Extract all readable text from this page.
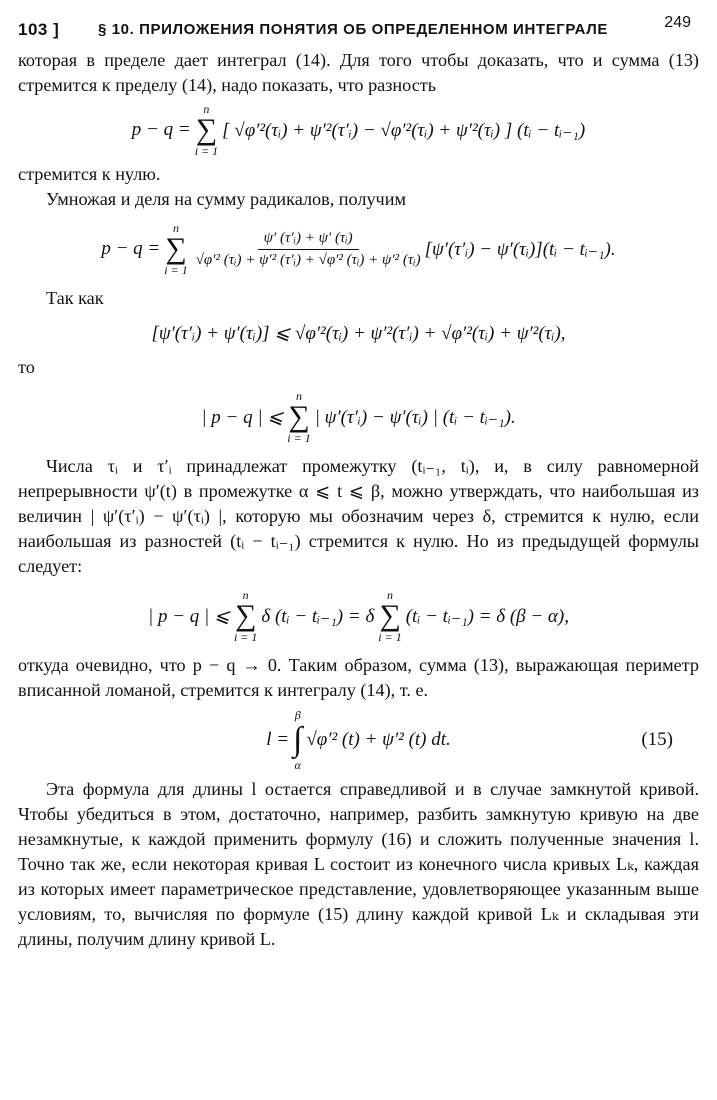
103 ]	§ 10. ПРИЛОЖЕНИЯ ПОНЯТИЯ ОБ ОПРЕДЕЛЕННОМ ИНТЕГРАЛЕ	249

которая в пределе дает интеграл (14). Для того чтобы доказать, что и сумма (13) стремится к пределу (14), надо показать, что разность

p − q =
n
∑
i = 1
[ √φ′²(τᵢ) + ψ′²(τ′ᵢ) − √φ′²(τᵢ) + ψ′²(τᵢ) ] (tᵢ − tᵢ₋₁)

стремится к нулю.

Умножая и деля на сумму радикалов, получим

p − q =
n
∑
i = 1
$\frac{\text{ψ′ (τ′ᵢ) + ψ′ (τᵢ)}}{\text{√φ′² (τᵢ) + ψ′² (τ′ᵢ) + √φ′² (τᵢ) + ψ′² (τᵢ)}}$ [ψ′(τ′ᵢ) − ψ′(τᵢ)](tᵢ − tᵢ₋₁).

Так как

[ψ′(τ′ᵢ) + ψ′(τᵢ)] ⩽ √φ′²(τᵢ) + ψ′²(τ′ᵢ) + √φ′²(τᵢ) + ψ′²(τᵢ),

то

| p − q | ⩽
n
∑
i = 1
| ψ′(τ′ᵢ) − ψ′(τᵢ) | (tᵢ − tᵢ₋₁).

Числа τᵢ и τ′ᵢ принадлежат промежутку (tᵢ₋₁, tᵢ), и, в силу равномерной непрерывности ψ′(t) в промежутке α ⩽ t ⩽ β, можно утверждать, что наибольшая из величин | ψ′(τ′ᵢ) − ψ′(τᵢ) |, которую мы обозначим через δ, стремится к нулю, если наибольшая из разностей (tᵢ − tᵢ₋₁) стремится к нулю. Но из предыдущей формулы следует:

| p − q | ⩽
n
∑
i = 1
δ (tᵢ − tᵢ₋₁) = δ
n
∑
i = 1
(tᵢ − tᵢ₋₁) = δ (β − α),

откуда очевидно, что p − q → 0. Таким образом, сумма (13), выражающая периметр вписанной ломаной, стремится к интегралу (14), т. е.

l =
β
∫
α
√φ′² (t) + ψ′² (t) dt.	(15)

Эта формула для длины l остается справедливой и в случае замкнутой кривой. Чтобы убедиться в этом, достаточно, например, разбить замкнутую кривую на две незамкнутые, к каждой применить формулу (16) и сложить полученные значения l. Точно так же, если некоторая кривая L состоит из конечного числа кривых Lₖ, каждая из которых имеет параметрическое представление, удовлетворяющее указанным выше условиям, то, вычисляя по формуле (15) длину каждой кривой Lₖ и складывая эти длины, получим длину кривой L.
